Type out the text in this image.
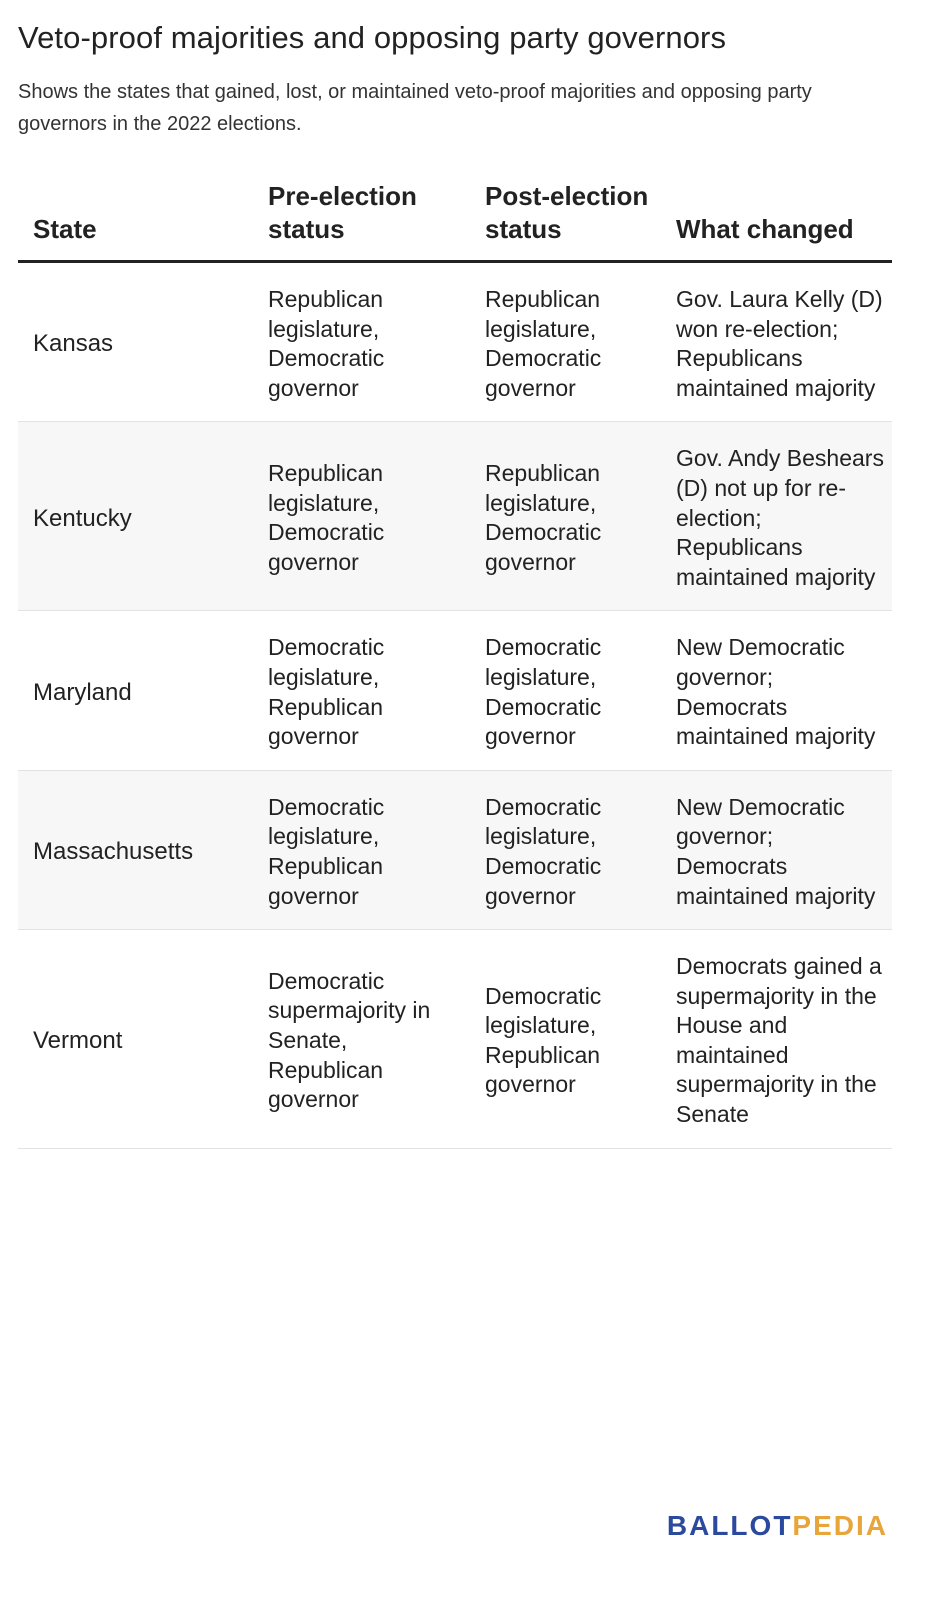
Veto-proof majorities and opposing party governors
Shows the states that gained, lost, or maintained veto-proof majorities and opposing party governors in the 2022 elections.
State	Pre-election status	Post-election status	What changed
Kansas	Republican legislature, Democratic governor	Republican legislature, Democratic governor	Gov. Laura Kelly (D) won re-election; Republicans maintained majority
Kentucky	Republican legislature, Democratic governor	Republican legislature, Democratic governor	Gov. Andy Beshears (D) not up for re-election; Republicans maintained majority
Maryland	Democratic legislature, Republican governor	Democratic legislature, Democratic governor	New Democratic governor; Democrats maintained majority
Massachusetts	Democratic legislature, Republican governor	Democratic legislature, Democratic governor	New Democratic governor; Democrats maintained majority
Vermont	Democratic supermajority in Senate, Republican governor	Democratic legislature, Republican governor	Democrats gained a supermajority in the House and maintained supermajority in the Senate
BALLOTPEDIA
